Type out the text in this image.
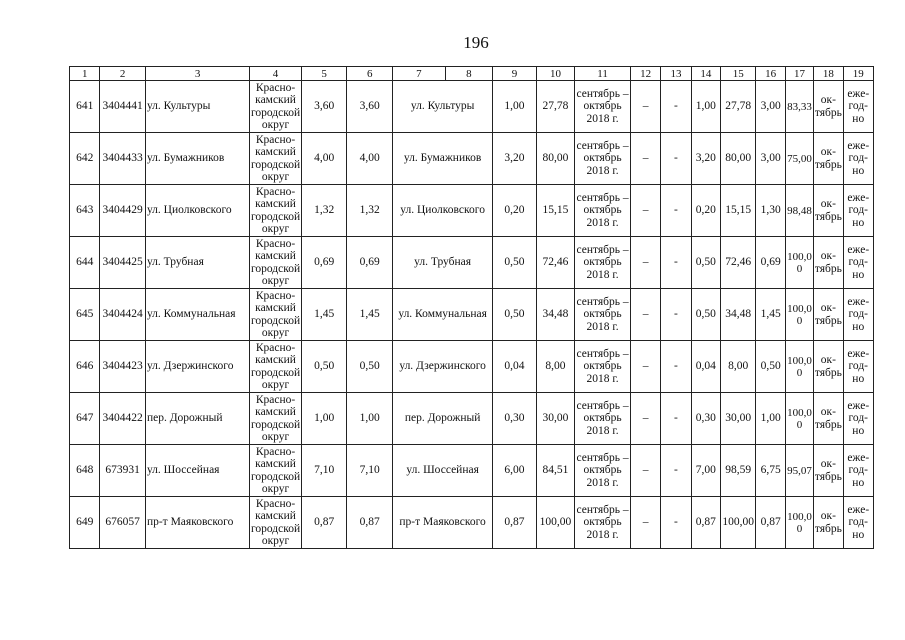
196
1	2	3	4	5	6	7	8	9	10	11	12	13	14	15	16	17	18	19
641	3404441	ул. Культуры	Красно-камский городской округ	3,60	3,60	ул. Культуры		1,00	27,78	сентябрь – октябрь 2018 г.	–	-	1,00	27,78	3,00	83,33	ок-тябрь	еже-год-но
642	3404433	ул. Бумажников	Красно-камский городской округ	4,00	4,00	ул. Бумажников		3,20	80,00	сентябрь – октябрь 2018 г.	–	-	3,20	80,00	3,00	75,00	ок-тябрь	еже-год-но
643	3404429	ул. Циолковского	Красно-камский городской округ	1,32	1,32	ул. Циолковского		0,20	15,15	сентябрь – октябрь 2018 г.	–	-	0,20	15,15	1,30	98,48	ок-тябрь	еже-год-но
644	3404425	ул. Трубная	Красно-камский городской округ	0,69	0,69	ул. Трубная		0,50	72,46	сентябрь – октябрь 2018 г.	–	-	0,50	72,46	0,69	100,0 0	ок-тябрь	еже-год-но
645	3404424	ул. Коммунальная	Красно-камский городской округ	1,45	1,45	ул. Коммунальная		0,50	34,48	сентябрь – октябрь 2018 г.	–	-	0,50	34,48	1,45	100,0 0	ок-тябрь	еже-год-но
646	3404423	ул. Дзержинского	Красно-камский городской округ	0,50	0,50	ул. Дзержинского		0,04	8,00	сентябрь – октябрь 2018 г.	–	-	0,04	8,00	0,50	100,0 0	ок-тябрь	еже-год-но
647	3404422	пер. Дорожный	Красно-камский городской округ	1,00	1,00	пер. Дорожный		0,30	30,00	сентябрь – октябрь 2018 г.	–	-	0,30	30,00	1,00	100,0 0	ок-тябрь	еже-год-но
648	673931	ул. Шоссейная	Красно-камский городской округ	7,10	7,10	ул. Шоссейная		6,00	84,51	сентябрь – октябрь 2018 г.	–	-	7,00	98,59	6,75	95,07	ок-тябрь	еже-год-но
649	676057	пр-т Маяковского	Красно-камский городской округ	0,87	0,87	пр-т Маяковского		0,87	100,00	сентябрь – октябрь 2018 г.	–	-	0,87	100,00	0,87	100,0 0	ок-тябрь	еже-год-но
